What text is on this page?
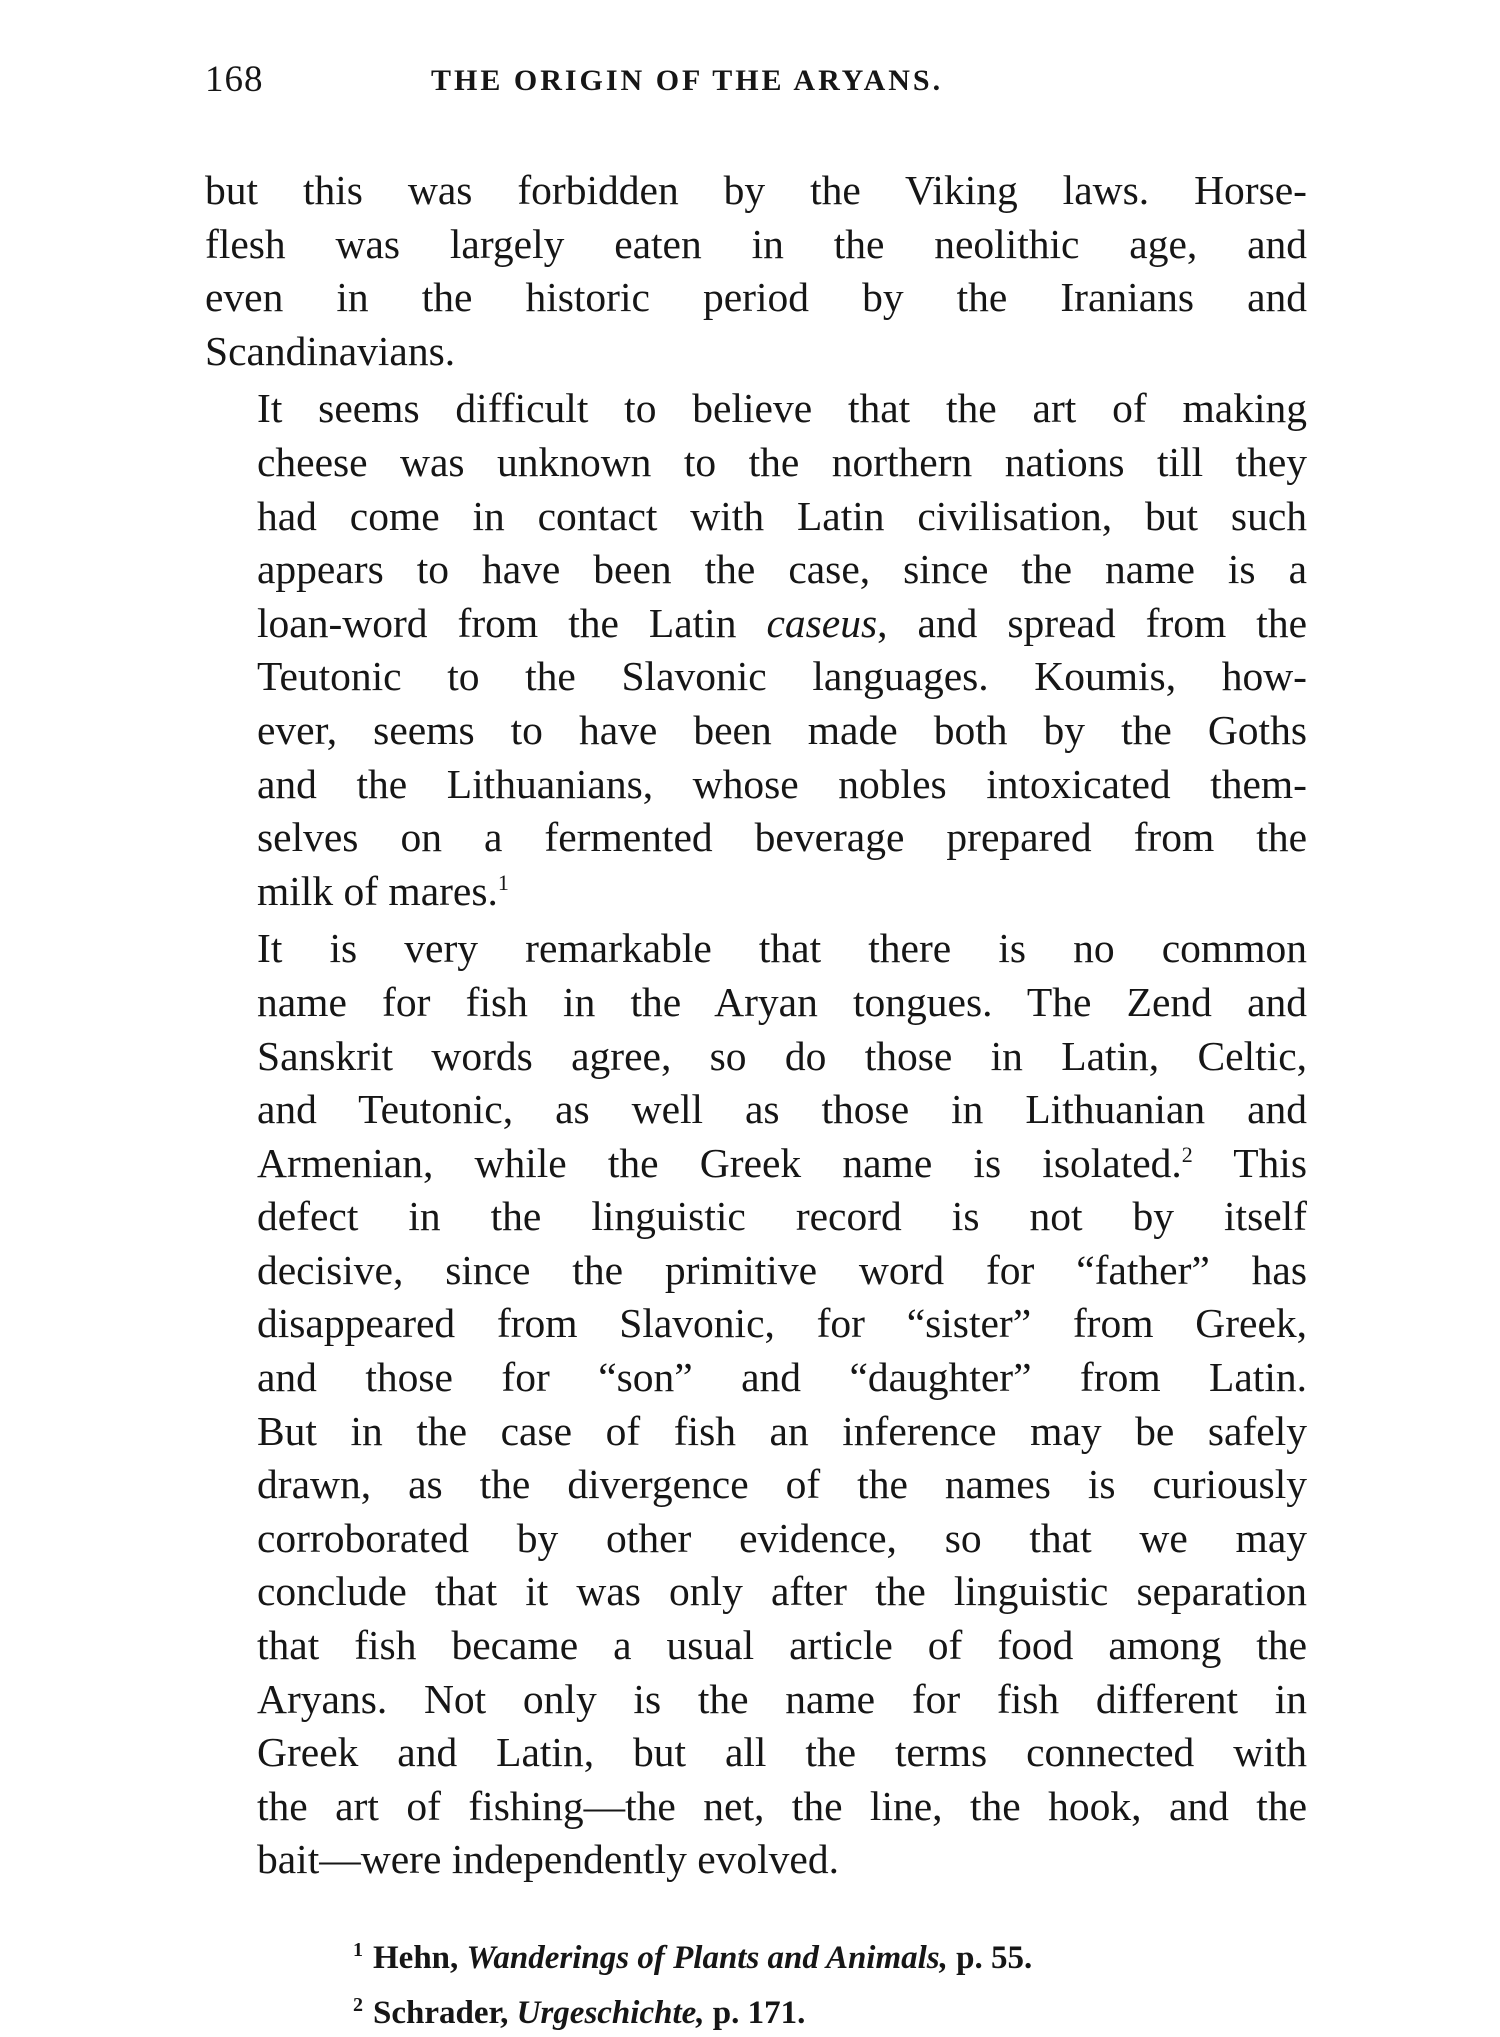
168	THE ORIGIN OF THE ARYANS.

but this was forbidden by the Viking laws. Horse-
flesh was largely eaten in the neolithic age, and
even in the historic period by the Iranians and
Scandinavians.

It seems difficult to believe that the art of making
cheese was unknown to the northern nations till they
had come in contact with Latin civilisation, but such
appears to have been the case, since the name is a
loan-word from the Latin caseus, and spread from the
Teutonic to the Slavonic languages. Koumis, how-
ever, seems to have been made both by the Goths
and the Lithuanians, whose nobles intoxicated them-
selves on a fermented beverage prepared from the
milk of mares.$^1$

It is very remarkable that there is no common
name for fish in the Aryan tongues. The Zend and
Sanskrit words agree, so do those in Latin, Celtic,
and Teutonic, as well as those in Lithuanian and
Armenian, while the Greek name is isolated.$^2$ This
defect in the linguistic record is not by itself
decisive, since the primitive word for “father” has
disappeared from Slavonic, for “sister” from Greek,
and those for “son” and “daughter” from Latin.
But in the case of fish an inference may be safely
drawn, as the divergence of the names is curiously
corroborated by other evidence, so that we may
conclude that it was only after the linguistic separation
that fish became a usual article of food among the
Aryans. Not only is the name for fish different in
Greek and Latin, but all the terms connected with
the art of fishing—the net, the line, the hook, and the
bait—were independently evolved.

$^1$ Hehn, Wanderings of Plants and Animals, p. 55.
$^2$ Schrader, Urgeschichte, p. 171.
